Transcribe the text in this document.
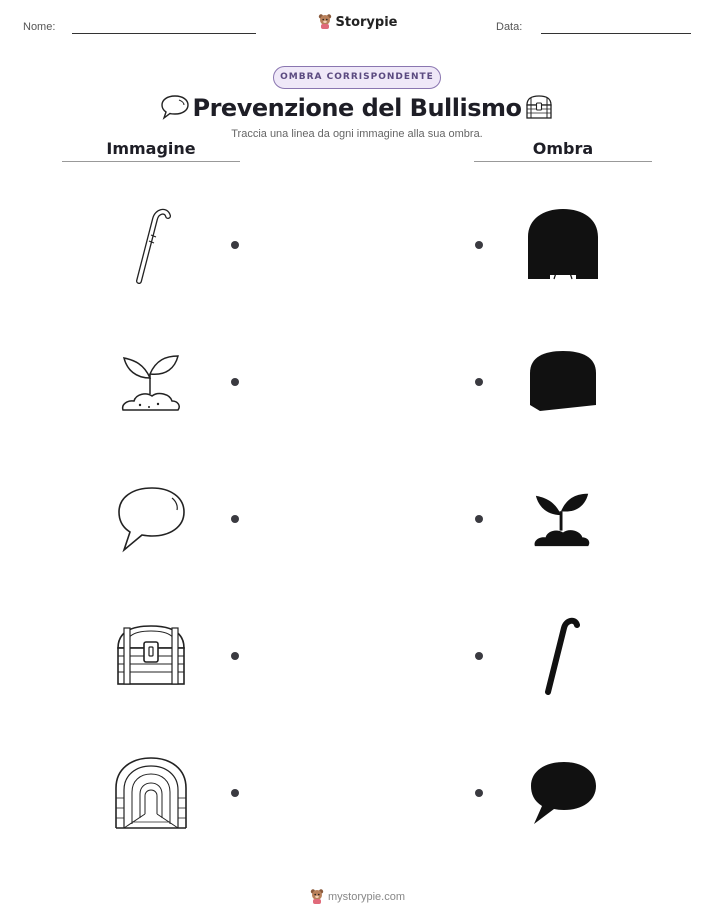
Nome:	Storypie	Data:
OMBRA CORRISPONDENTE
Prevenzione del Bullismo
Traccia una linea da ogni immagine alla sua ombra.
Immagine	Ombra
mystorypie.com
